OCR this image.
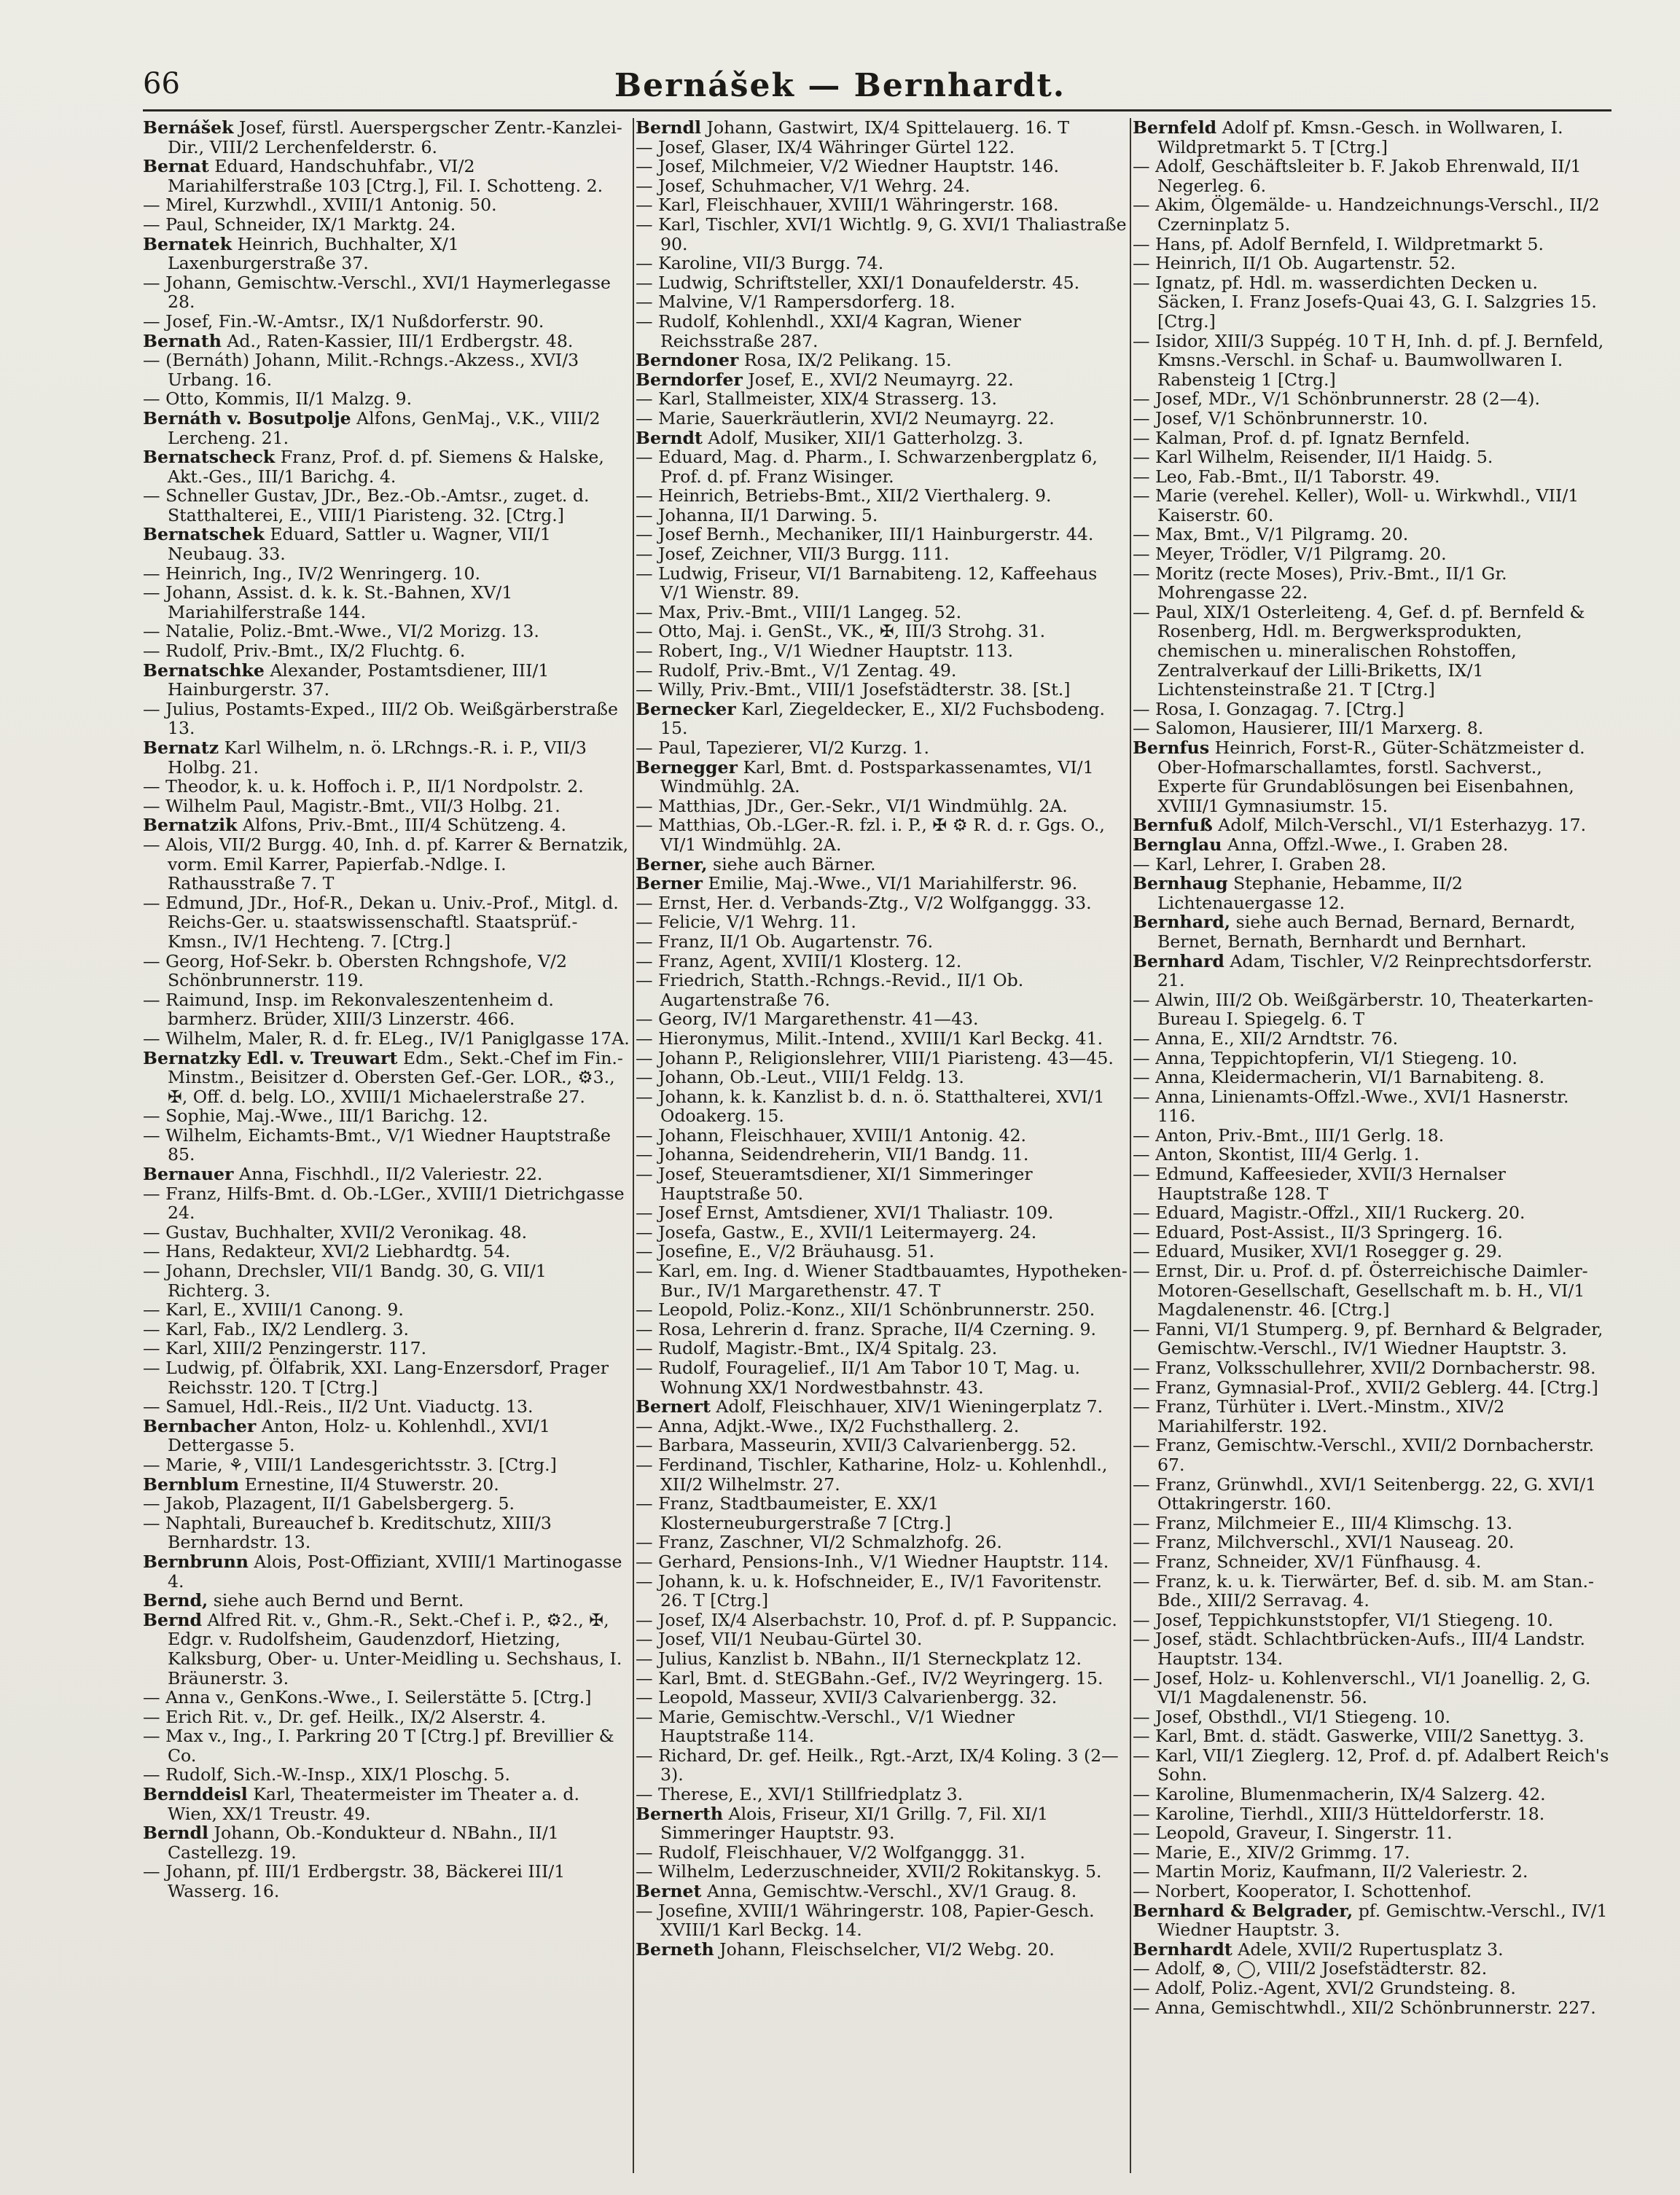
66	Bernášek — Bernhardt.

Bernášek Josef, fürstl. Auerspergscher Zentr.-Kanzlei-Dir., VIII/2 Lerchenfelderstr. 6.

Bernat Eduard, Handschuhfabr., VI/2 Mariahilferstraße 103 [Ctrg.], Fil. I. Schotteng. 2.

— Mirel, Kurzwhdl., XVIII/1 Antonig. 50.

— Paul, Schneider, IX/1 Marktg. 24.

Bernatek Heinrich, Buchhalter, X/1 Laxenburgerstraße 37.

— Johann, Gemischtw.-Verschl., XVI/1 Haymerlegasse 28.

— Josef, Fin.-W.-Amtsr., IX/1 Nußdorferstr. 90.

Bernath Ad., Raten-Kassier, III/1 Erdbergstr. 48.

— (Bernáth) Johann, Milit.-Rchngs.-Akzess., XVI/3 Urbang. 16.

— Otto, Kommis, II/1 Malzg. 9.

Bernáth v. Bosutpolje Alfons, GenMaj., V.K., VIII/2 Lercheng. 21.

Bernatscheck Franz, Prof. d. pf. Siemens & Halske, Akt.-Ges., III/1 Barichg. 4.

— Schneller Gustav, JDr., Bez.-Ob.-Amtsr., zuget. d. Statthalterei, E., VIII/1 Piaristeng. 32. [Ctrg.]

Bernatschek Eduard, Sattler u. Wagner, VII/1 Neubaug. 33.

— Heinrich, Ing., IV/2 Wenringerg. 10.

— Johann, Assist. d. k. k. St.-Bahnen, XV/1 Mariahilferstraße 144.

— Natalie, Poliz.-Bmt.-Wwe., VI/2 Morizg. 13.

— Rudolf, Priv.-Bmt., IX/2 Fluchtg. 6.

Bernatschke Alexander, Postamtsdiener, III/1 Hainburgerstr. 37.

— Julius, Postamts-Exped., III/2 Ob. Weißgärberstraße 13.

Bernatz Karl Wilhelm, n. ö. LRchngs.-R. i. P., VII/3 Holbg. 21.

— Theodor, k. u. k. Hoffoch i. P., II/1 Nordpolstr. 2.

— Wilhelm Paul, Magistr.-Bmt., VII/3 Holbg. 21.

Bernatzik Alfons, Priv.-Bmt., III/4 Schützeng. 4.

— Alois, VII/2 Burgg. 40, Inh. d. pf. Karrer & Bernatzik, vorm. Emil Karrer, Papierfab.-Ndlge. I. Rathausstraße 7. T

— Edmund, JDr., Hof-R., Dekan u. Univ.-Prof., Mitgl. d. Reichs-Ger. u. staatswissenschaftl. Staatsprüf.-Kmsn., IV/1 Hechteng. 7. [Ctrg.]

— Georg, Hof-Sekr. b. Obersten Rchngshofe, V/2 Schönbrunnerstr. 119.

— Raimund, Insp. im Rekonvaleszentenheim d. barmherz. Brüder, XIII/3 Linzerstr. 466.

— Wilhelm, Maler, R. d. fr. ELeg., IV/1 Paniglgasse 17A.

Bernatzky Edl. v. Treuwart Edm., Sekt.-Chef im Fin.-Minstm., Beisitzer d. Obersten Gef.-Ger. LOR., ⚙3., ✠, Off. d. belg. LO., XVIII/1 Michaelerstraße 27.

— Sophie, Maj.-Wwe., III/1 Barichg. 12.

— Wilhelm, Eichamts-Bmt., V/1 Wiedner Hauptstraße 85.

Bernauer Anna, Fischhdl., II/2 Valeriestr. 22.

— Franz, Hilfs-Bmt. d. Ob.-LGer., XVIII/1 Dietrichgasse 24.

— Gustav, Buchhalter, XVII/2 Veronikag. 48.

— Hans, Redakteur, XVI/2 Liebhardtg. 54.

— Johann, Drechsler, VII/1 Bandg. 30, G. VII/1 Richterg. 3.

— Karl, E., XVIII/1 Canong. 9.

— Karl, Fab., IX/2 Lendlerg. 3.

— Karl, XIII/2 Penzingerstr. 117.

— Ludwig, pf. Ölfabrik, XXI. Lang-Enzersdorf, Prager Reichsstr. 120. T [Ctrg.]

— Samuel, Hdl.-Reis., II/2 Unt. Viaductg. 13.

Bernbacher Anton, Holz- u. Kohlenhdl., XVI/1 Dettergasse 5.

— Marie, ⚘, VIII/1 Landesgerichtsstr. 3. [Ctrg.]

Bernblum Ernestine, II/4 Stuwerstr. 20.

— Jakob, Plazagent, II/1 Gabelsbergerg. 5.

— Naphtali, Bureauchef b. Kreditschutz, XIII/3 Bernhardstr. 13.

Bernbrunn Alois, Post-Offiziant, XVIII/1 Martinogasse 4.

Bernd, siehe auch Bernd und Bernt.

Bernd Alfred Rit. v., Ghm.-R., Sekt.-Chef i. P., ⚙2., ✠, Edgr. v. Rudolfsheim, Gaudenzdorf, Hietzing, Kalksburg, Ober- u. Unter-Meidling u. Sechshaus, I. Bräunerstr. 3.

— Anna v., GenKons.-Wwe., I. Seilerstätte 5. [Ctrg.]

— Erich Rit. v., Dr. gef. Heilk., IX/2 Alserstr. 4.

— Max v., Ing., I. Parkring 20 T [Ctrg.] pf. Brevillier & Co.

— Rudolf, Sich.-W.-Insp., XIX/1 Ploschg. 5.

Bernddeisl Karl, Theatermeister im Theater a. d. Wien, XX/1 Treustr. 49.

Berndl Johann, Ob.-Kondukteur d. NBahn., II/1 Castellezg. 19.

— Johann, pf. III/1 Erdbergstr. 38, Bäckerei III/1 Wasserg. 16.

Berndl Johann, Gastwirt, IX/4 Spittelauerg. 16. T

— Josef, Glaser, IX/4 Währinger Gürtel 122.

— Josef, Milchmeier, V/2 Wiedner Hauptstr. 146.

— Josef, Schuhmacher, V/1 Wehrg. 24.

— Karl, Fleischhauer, XVIII/1 Währingerstr. 168.

— Karl, Tischler, XVI/1 Wichtlg. 9, G. XVI/1 Thaliastraße 90.

— Karoline, VII/3 Burgg. 74.

— Ludwig, Schriftsteller, XXI/1 Donaufelderstr. 45.

— Malvine, V/1 Rampersdorferg. 18.

— Rudolf, Kohlenhdl., XXI/4 Kagran, Wiener Reichsstraße 287.

Berndoner Rosa, IX/2 Pelikang. 15.

Berndorfer Josef, E., XVI/2 Neumayrg. 22.

— Karl, Stallmeister, XIX/4 Strasserg. 13.

— Marie, Sauerkräutlerin, XVI/2 Neumayrg. 22.

Berndt Adolf, Musiker, XII/1 Gatterholzg. 3.

— Eduard, Mag. d. Pharm., I. Schwarzenbergplatz 6, Prof. d. pf. Franz Wisinger.

— Heinrich, Betriebs-Bmt., XII/2 Vierthalerg. 9.

— Johanna, II/1 Darwing. 5.

— Josef Bernh., Mechaniker, III/1 Hainburgerstr. 44.

— Josef, Zeichner, VII/3 Burgg. 111.

— Ludwig, Friseur, VI/1 Barnabiteng. 12, Kaffeehaus V/1 Wienstr. 89.

— Max, Priv.-Bmt., VIII/1 Langeg. 52.

— Otto, Maj. i. GenSt., VK., ✠, III/3 Strohg. 31.

— Robert, Ing., V/1 Wiedner Hauptstr. 113.

— Rudolf, Priv.-Bmt., V/1 Zentag. 49.

— Willy, Priv.-Bmt., VIII/1 Josefstädterstr. 38. [St.]

Bernecker Karl, Ziegeldecker, E., XI/2 Fuchsbodeng. 15.

— Paul, Tapezierer, VI/2 Kurzg. 1.

Bernegger Karl, Bmt. d. Postsparkassenamtes, VI/1 Windmühlg. 2A.

— Matthias, JDr., Ger.-Sekr., VI/1 Windmühlg. 2A.

— Matthias, Ob.-LGer.-R. fzl. i. P., ✠ ⚙ R. d. r. Ggs. O., VI/1 Windmühlg. 2A.

Berner, siehe auch Bärner.

Berner Emilie, Maj.-Wwe., VI/1 Mariahilferstr. 96.

— Ernst, Her. d. Verbands-Ztg., V/2 Wolfganggg. 33.

— Felicie, V/1 Wehrg. 11.

— Franz, II/1 Ob. Augartenstr. 76.

— Franz, Agent, XVIII/1 Klosterg. 12.

— Friedrich, Statth.-Rchngs.-Revid., II/1 Ob. Augartenstraße 76.

— Georg, IV/1 Margarethenstr. 41—43.

— Hieronymus, Milit.-Intend., XVIII/1 Karl Beckg. 41.

— Johann P., Religionslehrer, VIII/1 Piaristeng. 43—45.

— Johann, Ob.-Leut., VIII/1 Feldg. 13.

— Johann, k. k. Kanzlist b. d. n. ö. Statthalterei, XVI/1 Odoakerg. 15.

— Johann, Fleischhauer, XVIII/1 Antonig. 42.

— Johanna, Seidendreherin, VII/1 Bandg. 11.

— Josef, Steueramtsdiener, XI/1 Simmeringer Hauptstraße 50.

— Josef Ernst, Amtsdiener, XVI/1 Thaliastr. 109.

— Josefa, Gastw., E., XVII/1 Leitermayerg. 24.

— Josefine, E., V/2 Bräuhausg. 51.

— Karl, em. Ing. d. Wiener Stadtbauamtes, Hypotheken-Bur., IV/1 Margarethenstr. 47. T

— Leopold, Poliz.-Konz., XII/1 Schönbrunnerstr. 250.

— Rosa, Lehrerin d. franz. Sprache, II/4 Czerning. 9.

— Rudolf, Magistr.-Bmt., IX/4 Spitalg. 23.

— Rudolf, Fouragelief., II/1 Am Tabor 10 T, Mag. u. Wohnung XX/1 Nordwestbahnstr. 43.

Bernert Adolf, Fleischhauer, XIV/1 Wieningerplatz 7.

— Anna, Adjkt.-Wwe., IX/2 Fuchsthallerg. 2.

— Barbara, Masseurin, XVII/3 Calvarienbergg. 52.

— Ferdinand, Tischler, Katharine, Holz- u. Kohlenhdl., XII/2 Wilhelmstr. 27.

— Franz, Stadtbaumeister, E. XX/1 Klosterneuburgerstraße 7 [Ctrg.]

— Franz, Zaschner, VI/2 Schmalzhofg. 26.

— Gerhard, Pensions-Inh., V/1 Wiedner Hauptstr. 114.

— Johann, k. u. k. Hofschneider, E., IV/1 Favoritenstr. 26. T [Ctrg.]

— Josef, IX/4 Alserbachstr. 10, Prof. d. pf. P. Suppancic.

— Josef, VII/1 Neubau-Gürtel 30.

— Julius, Kanzlist b. NBahn., II/1 Sterneckplatz 12.

— Karl, Bmt. d. StEGBahn.-Gef., IV/2 Weyringerg. 15.

— Leopold, Masseur, XVII/3 Calvarienbergg. 32.

— Marie, Gemischtw.-Verschl., V/1 Wiedner Hauptstraße 114.

— Richard, Dr. gef. Heilk., Rgt.-Arzt, IX/4 Koling. 3 (2—3).

— Therese, E., XVI/1 Stillfriedplatz 3.

Bernerth Alois, Friseur, XI/1 Grillg. 7, Fil. XI/1 Simmeringer Hauptstr. 93.

— Rudolf, Fleischhauer, V/2 Wolfganggg. 31.

— Wilhelm, Lederzuschneider, XVII/2 Rokitanskyg. 5.

Bernet Anna, Gemischtw.-Verschl., XV/1 Graug. 8.

— Josefine, XVIII/1 Währingerstr. 108, Papier-Gesch. XVIII/1 Karl Beckg. 14.

Berneth Johann, Fleischselcher, VI/2 Webg. 20.

Bernfeld Adolf pf. Kmsn.-Gesch. in Wollwaren, I. Wildpretmarkt 5. T [Ctrg.]

— Adolf, Geschäftsleiter b. F. Jakob Ehrenwald, II/1 Negerleg. 6.

— Akim, Ölgemälde- u. Handzeichnungs-Verschl., II/2 Czerninplatz 5.

— Hans, pf. Adolf Bernfeld, I. Wildpretmarkt 5.

— Heinrich, II/1 Ob. Augartenstr. 52.

— Ignatz, pf. Hdl. m. wasserdichten Decken u. Säcken, I. Franz Josefs-Quai 43, G. I. Salzgries 15. [Ctrg.]

— Isidor, XIII/3 Suppég. 10 T H, Inh. d. pf. J. Bernfeld, Kmsns.-Verschl. in Schaf- u. Baumwollwaren I. Rabensteig 1 [Ctrg.]

— Josef, MDr., V/1 Schönbrunnerstr. 28 (2—4).

— Josef, V/1 Schönbrunnerstr. 10.

— Kalman, Prof. d. pf. Ignatz Bernfeld.

— Karl Wilhelm, Reisender, II/1 Haidg. 5.

— Leo, Fab.-Bmt., II/1 Taborstr. 49.

— Marie (verehel. Keller), Woll- u. Wirkwhdl., VII/1 Kaiserstr. 60.

— Max, Bmt., V/1 Pilgramg. 20.

— Meyer, Trödler, V/1 Pilgramg. 20.

— Moritz (recte Moses), Priv.-Bmt., II/1 Gr. Mohrengasse 22.

— Paul, XIX/1 Osterleiteng. 4, Gef. d. pf. Bernfeld & Rosenberg, Hdl. m. Bergwerksprodukten, chemischen u. mineralischen Rohstoffen, Zentralverkauf der Lilli-Briketts, IX/1 Lichtensteinstraße 21. T [Ctrg.]

— Rosa, I. Gonzagag. 7. [Ctrg.]

— Salomon, Hausierer, III/1 Marxerg. 8.

Bernfus Heinrich, Forst-R., Güter-Schätzmeister d. Ober-Hofmarschallamtes, forstl. Sachverst., Experte für Grundablösungen bei Eisenbahnen, XVIII/1 Gymnasiumstr. 15.

Bernfuß Adolf, Milch-Verschl., VI/1 Esterhazyg. 17.

Bernglau Anna, Offzl.-Wwe., I. Graben 28.

— Karl, Lehrer, I. Graben 28.

Bernhaug Stephanie, Hebamme, II/2 Lichtenauergasse 12.

Bernhard, siehe auch Bernad, Bernard, Bernardt, Bernet, Bernath, Bernhardt und Bernhart.

Bernhard Adam, Tischler, V/2 Reinprechtsdorferstr. 21.

— Alwin, III/2 Ob. Weißgärberstr. 10, Theaterkarten-Bureau I. Spiegelg. 6. T

— Anna, E., XII/2 Arndtstr. 76.

— Anna, Teppichtopferin, VI/1 Stiegeng. 10.

— Anna, Kleidermacherin, VI/1 Barnabiteng. 8.

— Anna, Linienamts-Offzl.-Wwe., XVI/1 Hasnerstr. 116.

— Anton, Priv.-Bmt., III/1 Gerlg. 18.

— Anton, Skontist, III/4 Gerlg. 1.

— Edmund, Kaffeesieder, XVII/3 Hernalser Hauptstraße 128. T

— Eduard, Magistr.-Offzl., XII/1 Ruckerg. 20.

— Eduard, Post-Assist., II/3 Springerg. 16.

— Eduard, Musiker, XVI/1 Rosegger g. 29.

— Ernst, Dir. u. Prof. d. pf. Österreichische Daimler-Motoren-Gesellschaft, Gesellschaft m. b. H., VI/1 Magdalenenstr. 46. [Ctrg.]

— Fanni, VI/1 Stumperg. 9, pf. Bernhard & Belgrader, Gemischtw.-Verschl., IV/1 Wiedner Hauptstr. 3.

— Franz, Volksschullehrer, XVII/2 Dornbacherstr. 98.

— Franz, Gymnasial-Prof., XVII/2 Geblerg. 44. [Ctrg.]

— Franz, Türhüter i. LVert.-Minstm., XIV/2 Mariahilferstr. 192.

— Franz, Gemischtw.-Verschl., XVII/2 Dornbacherstr. 67.

— Franz, Grünwhdl., XVI/1 Seitenbergg. 22, G. XVI/1 Ottakringerstr. 160.

— Franz, Milchmeier E., III/4 Klimschg. 13.

— Franz, Milchverschl., XVI/1 Nauseag. 20.

— Franz, Schneider, XV/1 Fünfhausg. 4.

— Franz, k. u. k. Tierwärter, Bef. d. sib. M. am Stan.-Bde., XIII/2 Serravag. 4.

— Josef, Teppichkunststopfer, VI/1 Stiegeng. 10.

— Josef, städt. Schlachtbrücken-Aufs., III/4 Landstr. Hauptstr. 134.

— Josef, Holz- u. Kohlenverschl., VI/1 Joanellig. 2, G. VI/1 Magdalenenstr. 56.

— Josef, Obsthdl., VI/1 Stiegeng. 10.

— Karl, Bmt. d. städt. Gaswerke, VIII/2 Sanettyg. 3.

— Karl, VII/1 Zieglerg. 12, Prof. d. pf. Adalbert Reich's Sohn.

— Karoline, Blumenmacherin, IX/4 Salzerg. 42.

— Karoline, Tierhdl., XIII/3 Hütteldorferstr. 18.

— Leopold, Graveur, I. Singerstr. 11.

— Marie, E., XIV/2 Grimmg. 17.

— Martin Moriz, Kaufmann, II/2 Valeriestr. 2.

— Norbert, Kooperator, I. Schottenhof.

Bernhard & Belgrader, pf. Gemischtw.-Verschl., IV/1 Wiedner Hauptstr. 3.

Bernhardt Adele, XVII/2 Rupertusplatz 3.

— Adolf, ⊗, ◯, VIII/2 Josefstädterstr. 82.

— Adolf, Poliz.-Agent, XVI/2 Grundsteing. 8.

— Anna, Gemischtwhdl., XII/2 Schönbrunnerstr. 227.
